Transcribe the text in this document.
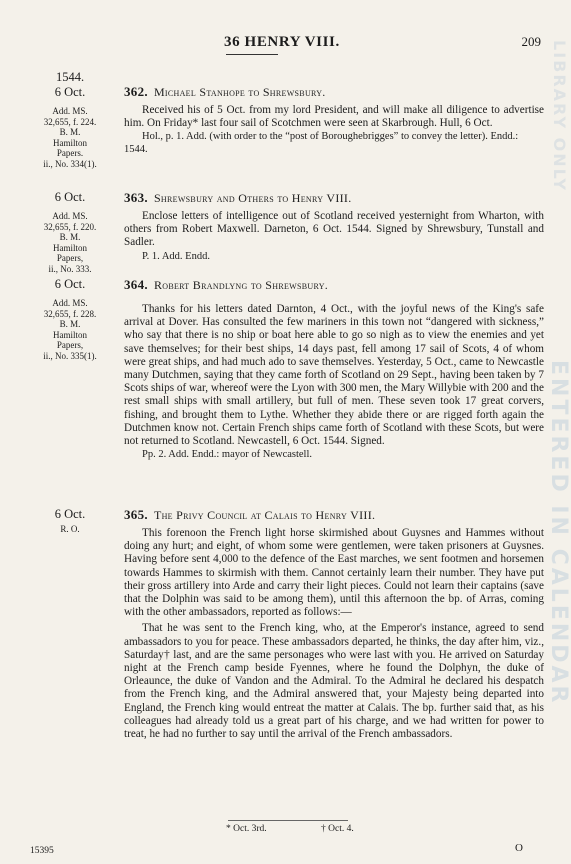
LIBRARY ONLY
ENTERED IN CALENDAR
36 HENRY VIII.	209
1544.
6 Oct.
Add. MS.
32,655, f. 224.
B. M.
Hamilton
Papers.
ii., No. 334(1).
362. Michael Stanhope to Shrewsbury.

Received his of 5 Oct. from my lord President, and will make all diligence to advertise him. On Friday* last four sail of Scotchmen were seen at Skarbrough. Hull, 6 Oct.

Hol., p. 1. Add. (with order to the “post of Boroughebrigges” to convey the letter). Endd.: 1544.

6 Oct.
Add. MS.
32,655, f. 220.
B. M.
Hamilton
Papers,
ii., No. 333.
363. Shrewsbury and Others to Henry VIII.

Enclose letters of intelligence out of Scotland received yesternight from Wharton, with others from Robert Maxwell. Darneton, 6 Oct. 1544. Signed by Shrewsbury, Tunstall and Sadler.

P. 1. Add. Endd.

6 Oct.
Add. MS.
32,655, f. 228.
B. M.
Hamilton
Papers,
ii., No. 335(1).
364. Robert Brandlyng to Shrewsbury.

Thanks for his letters dated Darnton, 4 Oct., with the joyful news of the King's safe arrival at Dover. Has consulted the few mariners in this town not “dangered with sickness,” who say that there is no ship or boat here able to go so nigh as to view the enemies and yet save themselves; for their best ships, 14 days past, fell among 17 sail of Scots, 4 of whom were great ships, and had much ado to save themselves. Yesterday, 5 Oct., came to Newcastle many Dutchmen, saying that they came forth of Scotland on 29 Sept., having been taken by 7 Scots ships of war, whereof were the Lyon with 300 men, the Mary Willybie with 200 and the rest small ships with small artillery, but full of men. These seven took 17 great corvers, fishing, and brought them to Lythe. Whether they abide there or are rigged forth again the Dutchmen know not. Certain French ships came forth of Scotland with these Scots, but were not returned to Scotland. Newcastell, 6 Oct. 1544. Signed.

Pp. 2. Add. Endd.: mayor of Newcastell.

6 Oct.
R. O.
365. The Privy Council at Calais to Henry VIII.

This forenoon the French light horse skirmished about Guysnes and Hammes without doing any hurt; and eight, of whom some were gentlemen, were taken prisoners at Guysnes. Having before sent 4,000 to the defence of the East marches, we sent footmen and horsemen towards Hammes to skirmish with them. Cannot certainly learn their number. They have put their gross artillery into Arde and carry their light pieces. Could not learn their captains (save that the Dolphin was said to be among them), until this afternoon the bp. of Arras, coming with the other ambassadors, reported as follows:—

That he was sent to the French king, who, at the Emperor's instance, agreed to send ambassadors to you for peace. These ambassadors departed, he thinks, the day after him, viz., Saturday† last, and are the same personages who were last with you. He arrived on Saturday night at the French camp beside Fyennes, where he found the Dolphyn, the duke of Orleaunce, the duke of Vandon and the Admiral. To the Admiral he declared his despatch from the French king, and the Admiral answered that, your Majesty being departed into England, the French king would entreat the matter at Calais. The bp. further said that, as his colleagues had already told us a great part of his charge, and we had written for power to treat, he had no further to say until the arrival of the French ambassadors.

* Oct. 3rd.	† Oct. 4.
15395	O
